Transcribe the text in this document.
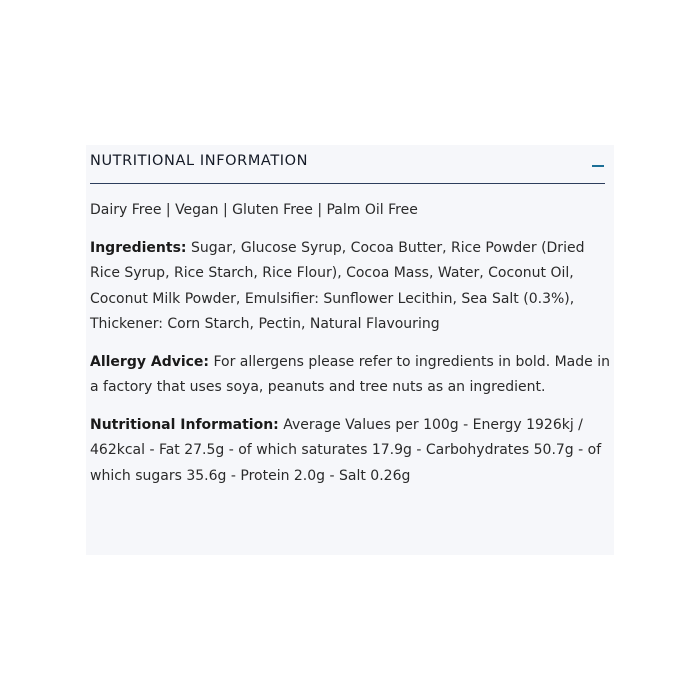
NUTRITIONAL INFORMATION

Dairy Free | Vegan | Gluten Free | Palm Oil Free

Ingredients: Sugar, Glucose Syrup, Cocoa Butter, Rice Powder (Dried Rice Syrup, Rice Starch, Rice Flour), Cocoa Mass, Water, Coconut Oil, Coconut Milk Powder, Emulsifier: Sunflower Lecithin, Sea Salt (0.3%), Thickener: Corn Starch, Pectin, Natural Flavouring

Allergy Advice: For allergens please refer to ingredients in bold. Made in a factory that uses soya, peanuts and tree nuts as an ingredient.

Nutritional Information: Average Values per 100g - Energy 1926kj / 462kcal - Fat 27.5g - of which saturates 17.9g - Carbohydrates 50.7g - of which sugars 35.6g - Protein 2.0g - Salt 0.26g
